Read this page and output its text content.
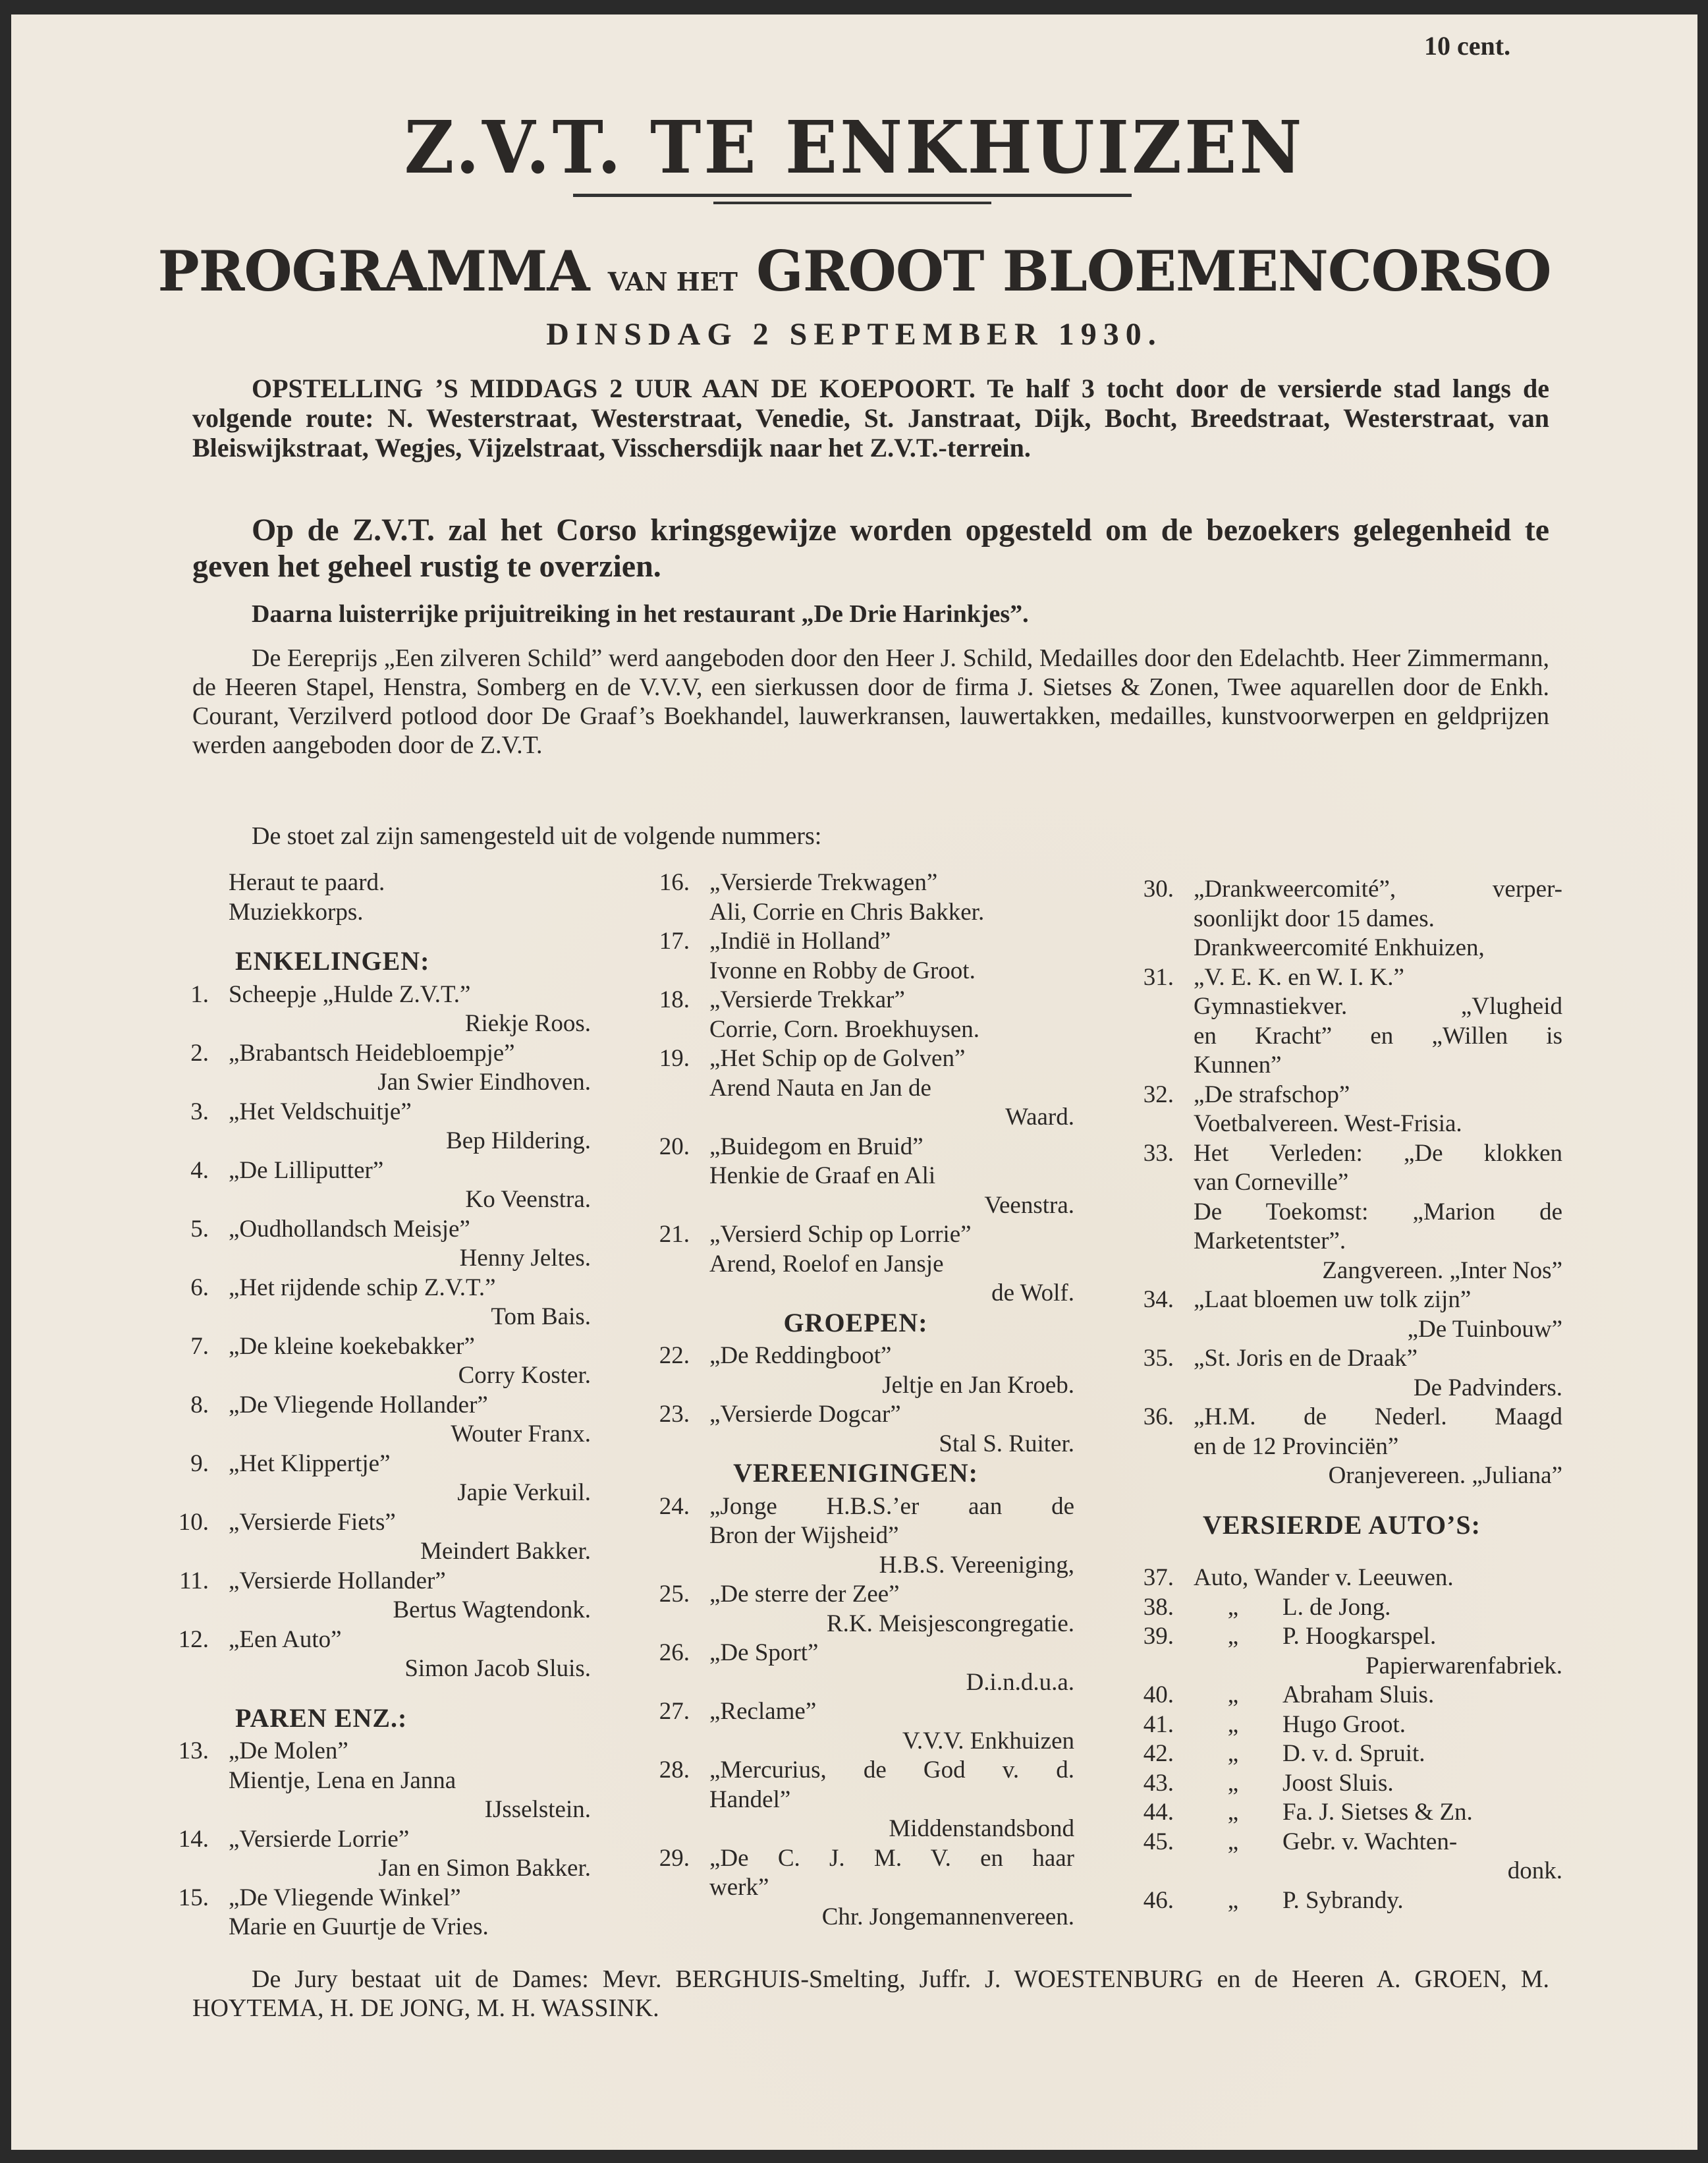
10 cent.
Z.V.T. TE ENKHUIZEN
PROGRAMMA VAN HET GROOT BLOEMENCORSO
DINSDAG 2 SEPTEMBER 1930.
OPSTELLING ’S MIDDAGS 2 UUR AAN DE KOEPOORT. Te half 3 tocht door de versierde stad langs de volgende route: N. Westerstraat, Westerstraat, Venedie, St. Janstraat, Dijk, Bocht, Breedstraat, Westerstraat, van Bleiswijkstraat, Wegjes, Vijzelstraat, Visschersdijk naar het Z.V.T.-terrein.
Op de Z.V.T. zal het Corso kringsgewijze worden opgesteld om de bezoekers gelegenheid te geven het geheel rustig te overzien.
Daarna luisterrijke prijuitreiking in het restaurant „De Drie Harinkjes”.
De Eereprijs „Een zilveren Schild” werd aangeboden door den Heer J. Schild, Medailles door den Edelachtb. Heer Zimmermann, de Heeren Stapel, Henstra, Somberg en de V.V.V, een sierkussen door de firma J. Sietses & Zonen, Twee aquarellen door de Enkh. Courant, Verzilverd potlood door De Graaf’s Boekhandel, lauwerkransen, lauwertakken, medailles, kunstvoorwerpen en geldprijzen werden aangeboden door de Z.V.T.
De stoet zal zijn samengesteld uit de volgende nummers:
Heraut te paard.
Muziekkorps.
ENKELINGEN:
1. Scheepje „Hulde Z.V.T.”
Riekje Roos.
2. „Brabantsch Heidebloempje”
Jan Swier Eindhoven.
3. „Het Veldschuitje”
Bep Hildering.
4. „De Lilliputter”
Ko Veenstra.
5. „Oudhollandsch Meisje”
Henny Jeltes.
6. „Het rijdende schip Z.V.T.”
Tom Bais.
7. „De kleine koekebakker”
Corry Koster.
8. „De Vliegende Hollander”
Wouter Franx.
9. „Het Klippertje”
Japie Verkuil.
10. „Versierde Fiets”
Meindert Bakker.
11. „Versierde Hollander”
Bertus Wagtendonk.
12. „Een Auto”
Simon Jacob Sluis.
PAREN ENZ.:
13. „De Molen”
Mientje, Lena en Janna
IJsselstein.
14. „Versierde Lorrie”
Jan en Simon Bakker.
15. „De Vliegende Winkel”
Marie en Guurtje de Vries.
16. „Versierde Trekwagen”
Ali, Corrie en Chris Bakker.
17. „Indië in Holland”
Ivonne en Robby de Groot.
18. „Versierde Trekkar”
Corrie, Corn. Broekhuysen.
19. „Het Schip op de Golven”
Arend Nauta en Jan de
Waard.
20. „Buidegom en Bruid”
Henkie de Graaf en Ali
Veenstra.
21. „Versierd Schip op Lorrie”
Arend, Roelof en Jansje
de Wolf.
GROEPEN:
22. „De Reddingboot”
Jeltje en Jan Kroeb.
23. „Versierde Dogcar”
Stal S. Ruiter.
VEREENIGINGEN:
24. „Jonge H.B.S.’er aan de
Bron der Wijsheid”
H.B.S. Vereeniging,
25. „De sterre der Zee”
R.K. Meisjescongregatie.
26. „De Sport”
D.i.n.d.u.a.
27. „Reclame”
V.V.V. Enkhuizen
28. „Mercurius, de God v. d.
Handel”
Middenstandsbond
29. „De C. J. M. V. en haar
werk”
Chr. Jongemannenvereen.
30. „Drankweercomité”, verper-
soonlijkt door 15 dames.
Drankweercomité Enkhuizen,
31. „V. E. K. en W. I. K.”
Gymnastiekver. „Vlugheid
en Kracht” en „Willen is
Kunnen”
32. „De strafschop”
Voetbalvereen. West-Frisia.
33. Het Verleden: „De klokken
van Corneville”
De Toekomst: „Marion de
Marketentster”.
Zangvereen. „Inter Nos”
34. „Laat bloemen uw tolk zijn”
„De Tuinbouw”
35. „St. Joris en de Draak”
De Padvinders.
36. „H.M. de Nederl. Maagd
en de 12 Provinciën”
Oranjevereen. „Juliana”
VERSIERDE AUTO’S:
37. Auto, Wander v. Leeuwen.
38.	„	L. de Jong.
39.	„	P. Hoogkarspel.
Papierwarenfabriek.
40.	„	Abraham Sluis.
41.	„	Hugo Groot.
42.	„	D. v. d. Spruit.
43.	„	Joost Sluis.
44.	„	Fa. J. Sietses & Zn.
45.	„	Gebr. v. Wachten-
donk.
46.	„	P. Sybrandy.
De Jury bestaat uit de Dames: Mevr. BERGHUIS-Smelting, Juffr. J. WOESTENBURG en de Heeren A. GROEN, M. HOYTEMA, H. DE JONG, M. H. WASSINK.
